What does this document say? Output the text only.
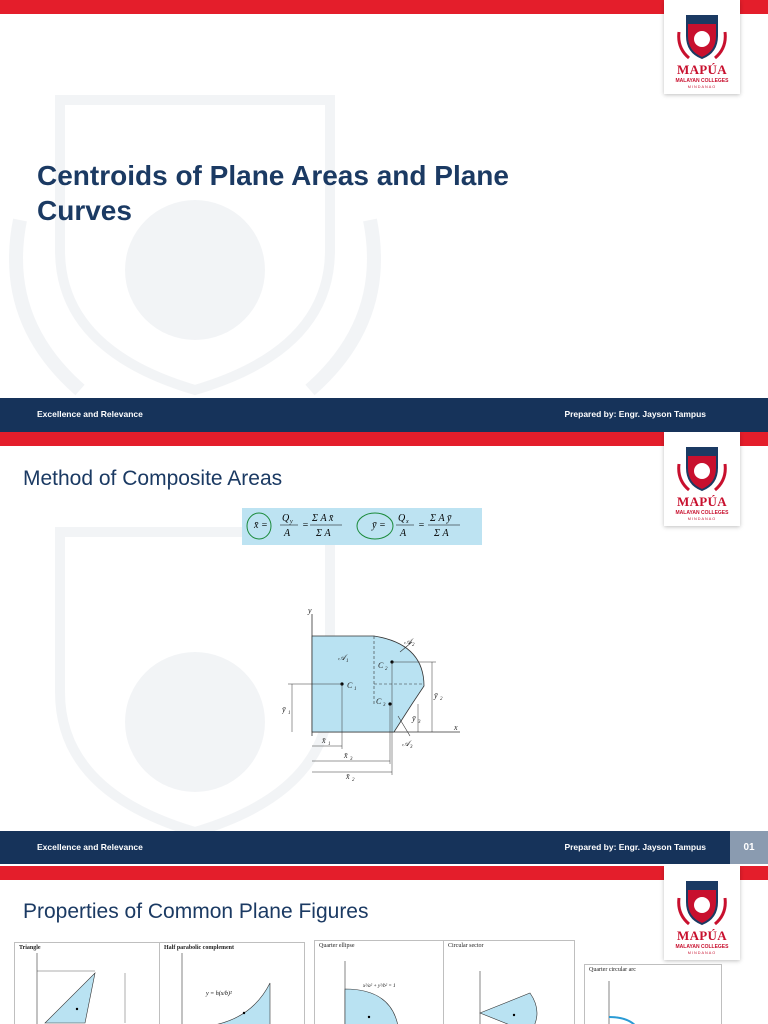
MAPÚA
MALAYAN COLLEGES
MINDANAO
Centroids of Plane Areas and Plane Curves
Excellence and Relevance	Prepared by: Engr. Jayson Tampus
MAPÚA
MALAYAN COLLEGES
MINDANAO
Method of Composite Areas
x̄ =
Q y
A
=
Σ A x̄
Σ A
ȳ =
Q x
A
=
Σ A ȳ
Σ A
y
x
C 1
C 2
C 3
𝒜 1
𝒜 2
𝒜 3
ȳ 1
ȳ 2
ȳ 3
x̄ 1
x̄ 3
x̄ 2
Excellence and Relevance	Prepared by: Engr. Jayson Tampus	01
MAPÚA
MALAYAN COLLEGES
MINDANAO
Properties of Common Plane Figures
Triangle	Half parabolic complement
y = h(x/b)²
Quarter ellipse
x²/a² + y²/b² = 1
Circular sector
Quarter circular arc
